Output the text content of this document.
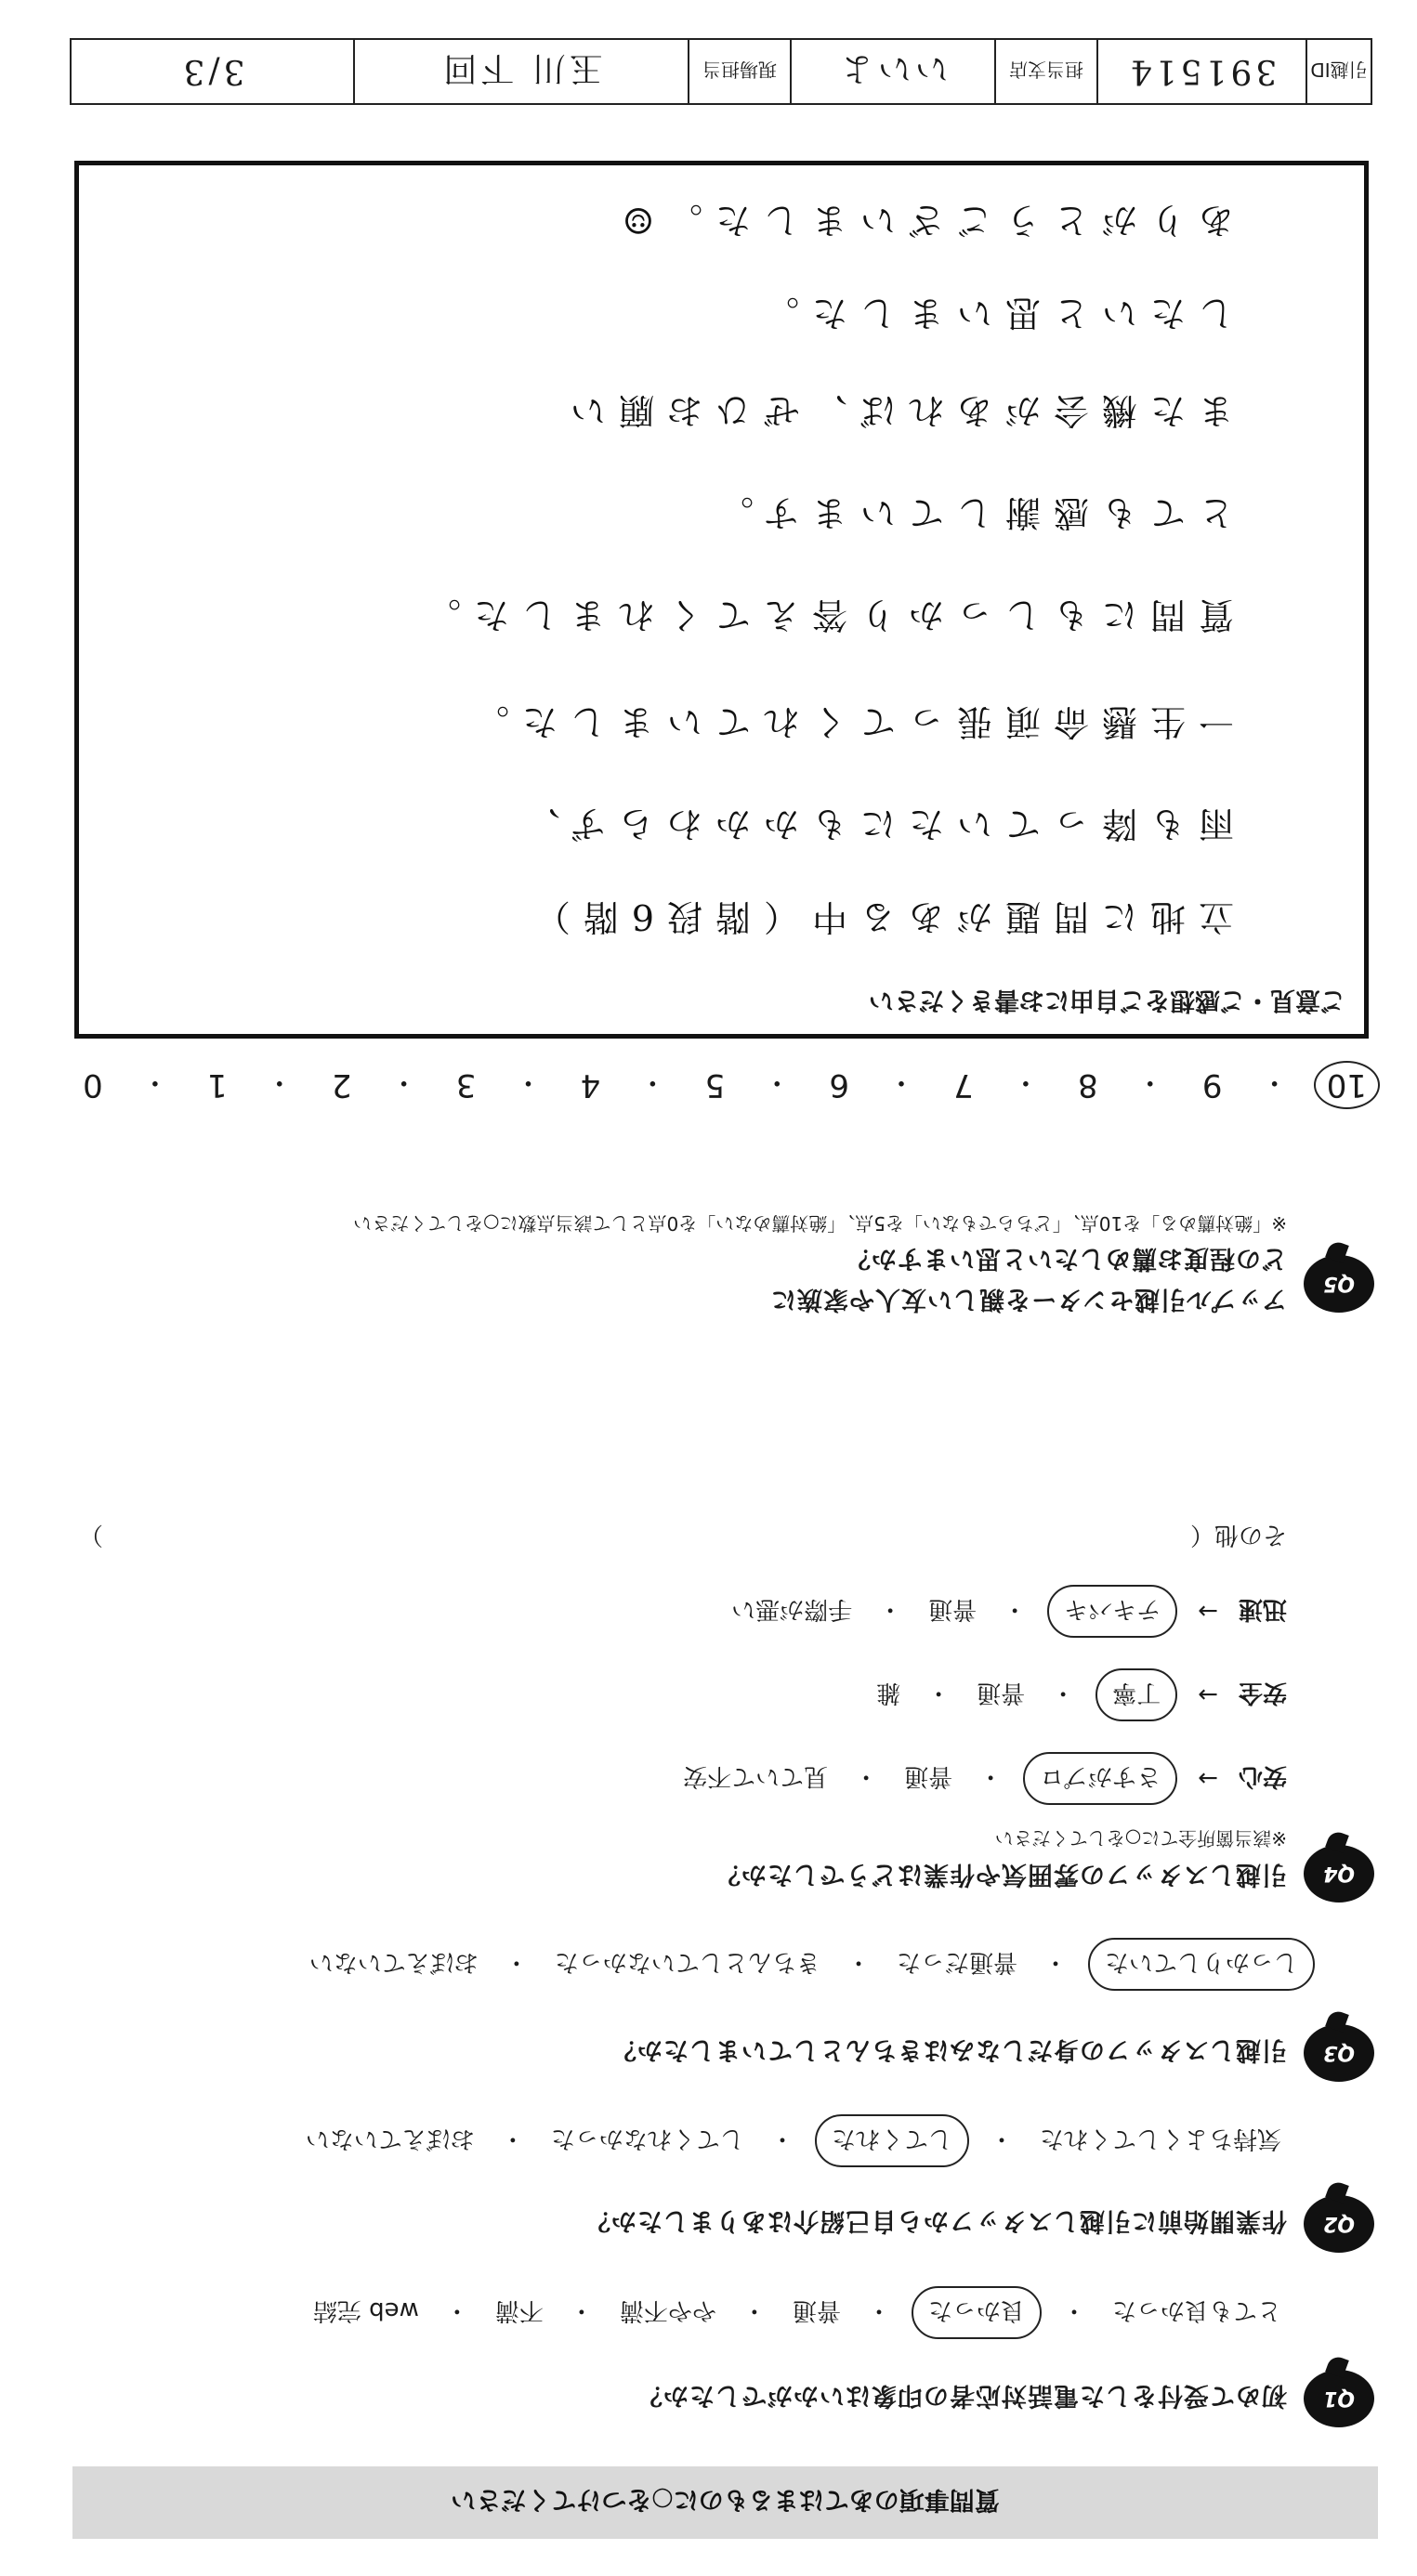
質問事項のあてはまるものに○をつけてください
Q1
初めて受付をした電話対応者の印象はいかがでしたか？
とても良かった
・
良かった
・
普通
・
やや不満
・
不満
・
web 完結
Q2
作業開始前に引越しスタッフから自己紹介はありましたか？
気持ちよくしてくれた
・
してくれた
・
してくれなかった
・
おぼえていない
Q3
引越しスタッフの身だしなみはきちんとしていましたか？
しっかりしていた
・
普通だった
・
きちんとしていなかった
・
おぼえていない
Q4
引越しスタッフの雰囲気や作業はどうでしたか？
※該当箇所全てに○をしてください
安心
→
さすがプロ
・
普通
・
見ていて不安
安全
→
丁寧
・
普通
・
雑
迅速
→
テキパキ
・
普通
・
手際が悪い
その他（
）
Q5
アップル引越センターを親しい友人や家族に
どの程度お薦めしたいと思いますか？
※「絶対薦める」を10点、「どちらでもない」を5点、「絶対薦めない」を0点として該当点数に○をしてください
10
・
9
・
8
・
7
・
6
・
5
・
4
・
3
・
2
・
1
・
0
ご意見・ご感想をご自由にお書きください
立地に問題がある中（階段6階）
雨も降っていたにもかかわらず、
一生懸命頑張ってくれていました。
質問にもしっかり答えてくれました。
とても感謝しています。
また機会があれば、ぜひお願い
したいと思いました。
ありがとうございました。☺
引越ID
391514
担当支店
いいよ
現場担当
玉川 下回
3/3
